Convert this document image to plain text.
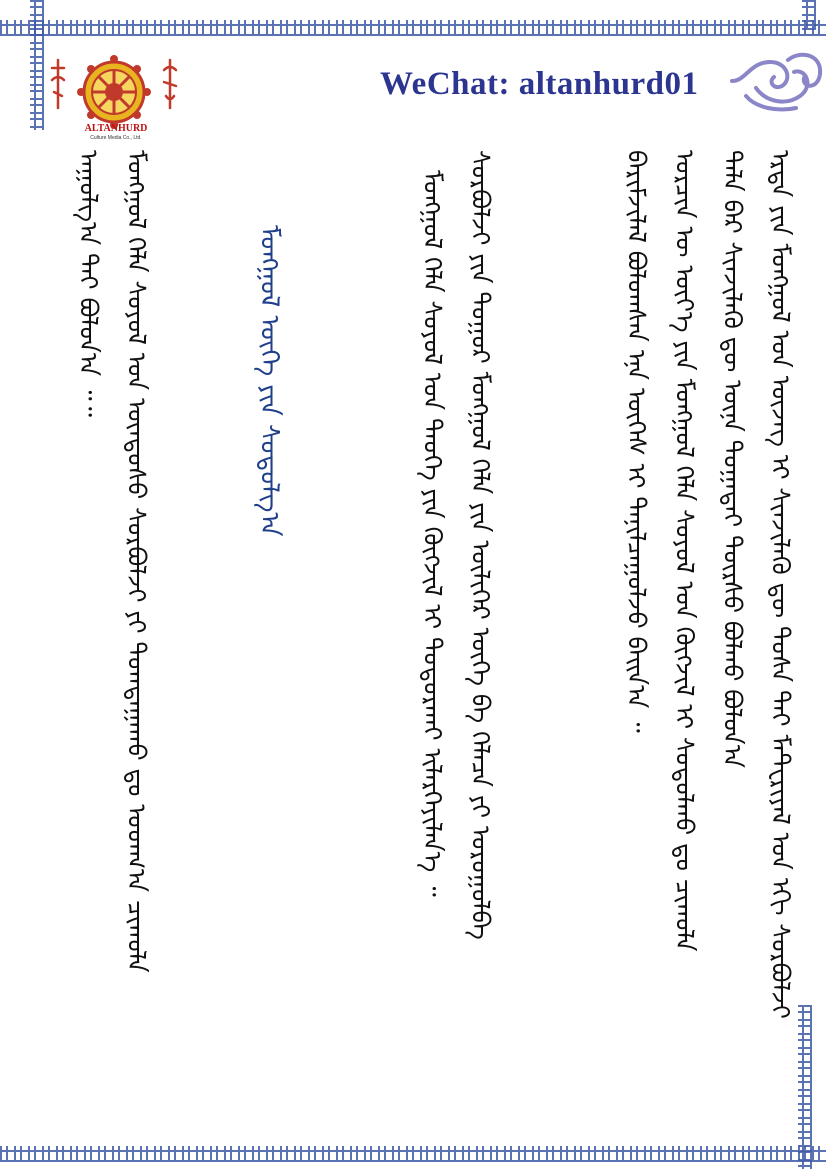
WeChat: altanhurd01
ALTANHURD
Culture Media Co., Ltd.
ᠡᠷᠲᠡ ᠶᠢᠨ ᠮᠣᠩᠭᠣᠯ ᠤᠨ ᠦᠵᠡᠭ ᠢ ᠰᠢᠨᠵᠢᠯᠡᠬᠦ ᠳᠦ ᠳᠤᠰᠠ ᠲᠠᠢ ᠮᠠᠲ᠋ᠧᠷᠢᠶᠠᠯ ᠤᠨ ᠡᠬᠢ ᠰᠤᠷᠪᠤᠯᠵᠢ
ᠲᠠᠯᠠ ᠪᠡᠷ ᠰᠢᠨᠵᠢᠯᠡᠬᠦ ᠳᠦ ᠦᠨᠡ ᠲᠣᠭᠠᠲᠠᠢ ᠳᠦᠷᠰᠦ ᠪᠤᠯᠬᠤ ᠪᠣᠯᠤᠨ᠎ᠠ
ᠣᠷᠴᠢᠨ ᠦ ᠦᠶ᠎ᠡ ᠶᠢᠨ ᠮᠣᠩᠭᠣᠯ ᠬᠡᠯᠡ ᠰᠣᠶᠣᠯ ᠤᠨ ᠬᠥᠭᠵᠢᠯ ᠢ ᠰᠤᠳᠤᠯᠬᠤ ᠳᠤ ᠴᠢᠬᠤᠯᠠ
ᠪᠠᠷᠢᠮᠵᠢᠯᠠᠯ ᠪᠣᠯᠤᠭᠰᠠᠨ ᠡᠨᠡ ᠦᠭᠡᠰ ᠢ ᠲᠠᠨᠢᠯᠴᠠᠭᠤᠯᠵᠤ ᠪᠠᠢᠨ᠎ᠠ ᠃
ᠰᠤᠷᠪᠤᠯᠵᠢ ᠶᠢᠨ ᠳᠣᠭᠣᠷ ᠮᠣᠩᠭᠣᠯ ᠬᠡᠯᠡ ᠶᠢᠨ ᠦᠯᠢᠭᠡᠷ ᠦᠭᠡ ᠪᠠ ᠬᠡᠯᠡᠴᠡ ᠶᠢ ᠣᠷᠣᠭᠤᠯᠪᠠ
ᠮᠣᠩᠭᠣᠯ ᠬᠡᠯᠡ ᠰᠣᠶᠣᠯ ᠤᠨ ᠲᠡᠦᠬᠡ ᠶᠢᠨ ᠬᠥᠭᠵᠢᠯ ᠢ ᠲᠣᠳᠣᠷᠬᠠᠢ ᠢᠯᠡᠷᠭᠡᠶᠢᠯᠡᠨ᠎ᠡ ᠃
ᠮᠣᠩᠭᠣᠯ ᠦᠭᠡ ᠶᠢᠨ ᠰᠣᠳᠤᠯᠭ᠎ᠠ
ᠮᠣᠩᠭᠣᠯ ᠬᠡᠯᠡ ᠰᠣᠶᠣᠯ ᠤᠨ ᠦᠨᠳᠦᠰᠦ ᠰᠤᠷᠪᠤᠯᠵᠢ ᠶᠢ ᠲᠣᠭᠲᠠᠭᠠᠬᠤ ᠳᠤ ᠤᠳᠬ᠎ᠠ ᠴᠢᠬᠤᠯᠠ
ᠠᠭᠤᠯᠭ᠎ᠠ ᠲᠠᠢ ᠪᠣᠯᠤᠨ᠎ᠠ ᠃᠃
